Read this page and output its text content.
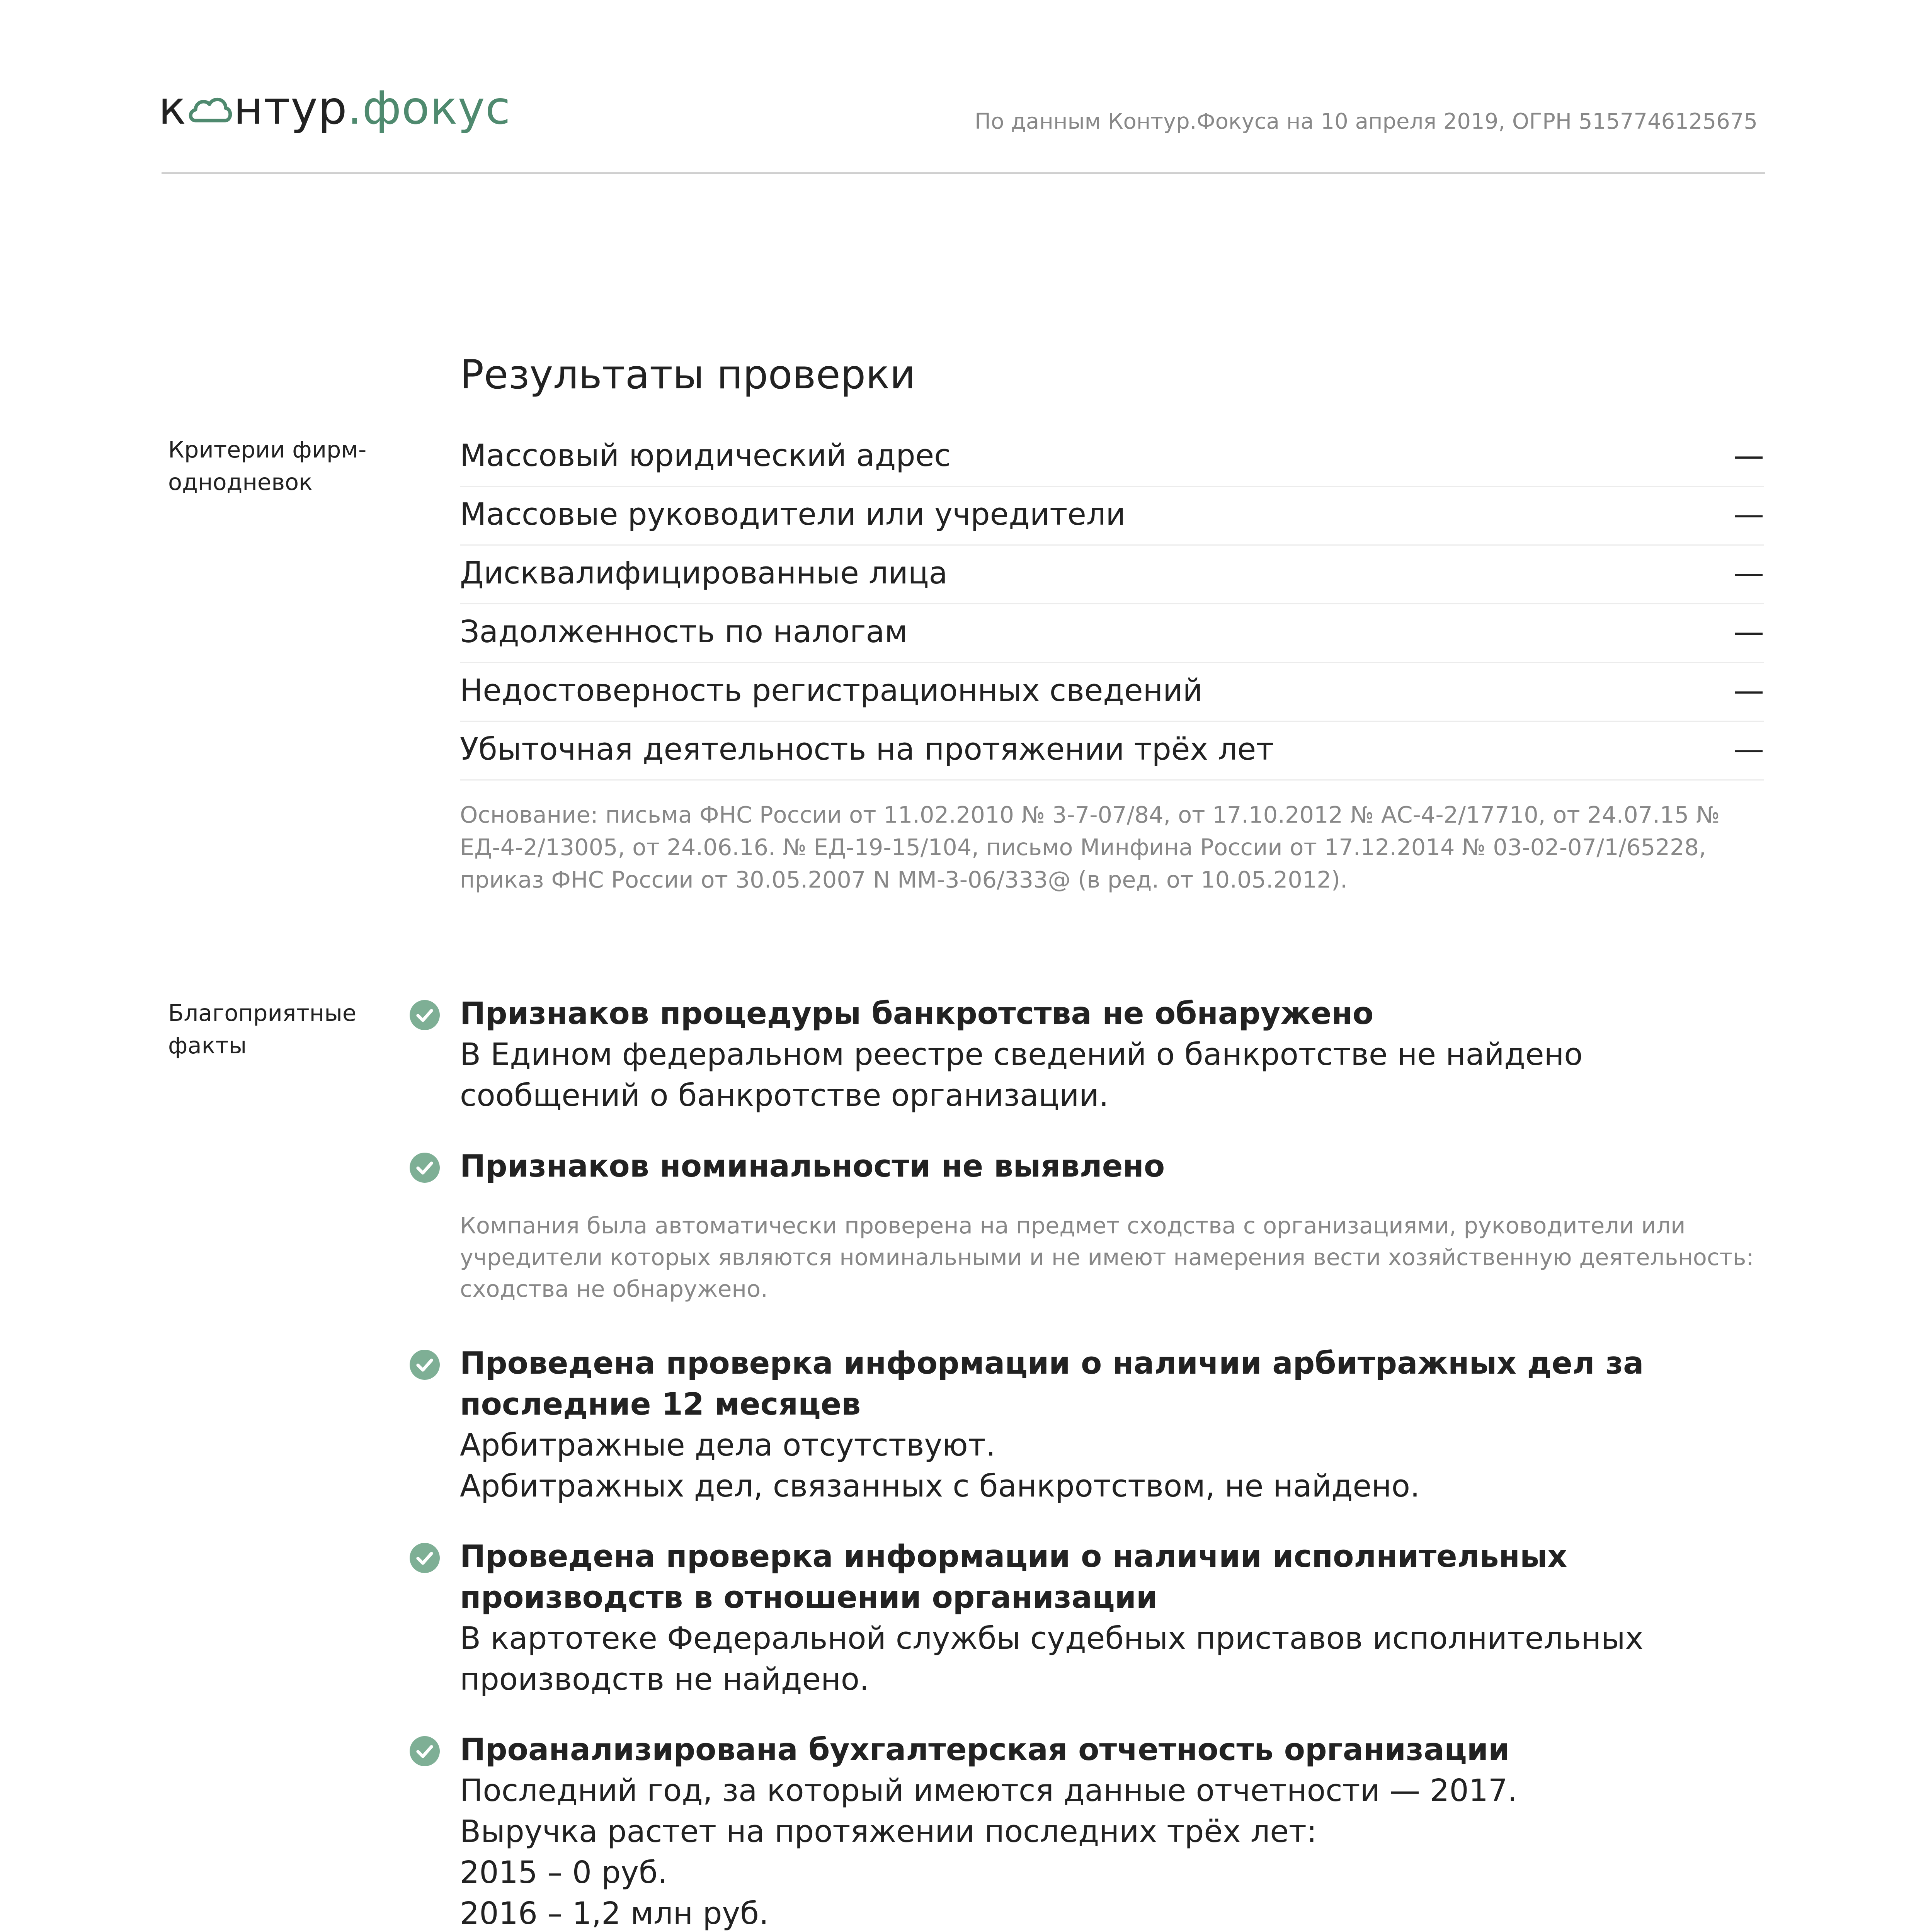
к нтур.фокус	По данным Контур.Фокуса на 10 апреля 2019, ОГРН 5157746125675
Результаты проверки
Критерии фирм-однодневок
Массовый юридический адрес	—
Массовые руководители или учредители	—
Дисквалифицированные лица	—
Задолженность по налогам	—
Недостоверность регистрационных сведений	—
Убыточная деятельность на протяжении трёх лет	—
Основание: письма ФНС России от 11.02.2010 № 3-7-07/84, от 17.10.2012 № АС-4-2/17710, от 24.07.15 № ЕД-4-2/13005, от 24.06.16. № ЕД-19-15/104, письмо Минфина России от 17.12.2014 № 03-02-07/1/65228, приказ ФНС России от 30.05.2007 N ММ-3-06/333@ (в ред. от 10.05.2012).
Благоприятные факты
Признаков процедуры банкротства не обнаружено
В Едином федеральном реестре сведений о банкротстве не найдено сообщений о банкротстве организации.
Признаков номинальности не выявлено
Компания была автоматически проверена на предмет сходства с организациями, руководители или учредители которых являются номинальными и не имеют намерения вести хозяйственную деятельность: сходства не обнаружено.
Проведена проверка информации о наличии арбитражных дел за последние 12 месяцев
Арбитражные дела отсутствуют.
Арбитражных дел, связанных с банкротством, не найдено.
Проведена проверка информации о наличии исполнительных производств в отношении организации
В картотеке Федеральной службы судебных приставов исполнительных производств не найдено.
Проанализирована бухгалтерская отчетность организации
Последний год, за который имеются данные отчетности — 2017.
Выручка растет на протяжении последних трёх лет:
2015 – 0 руб.
2016 – 1,2 млн руб.
